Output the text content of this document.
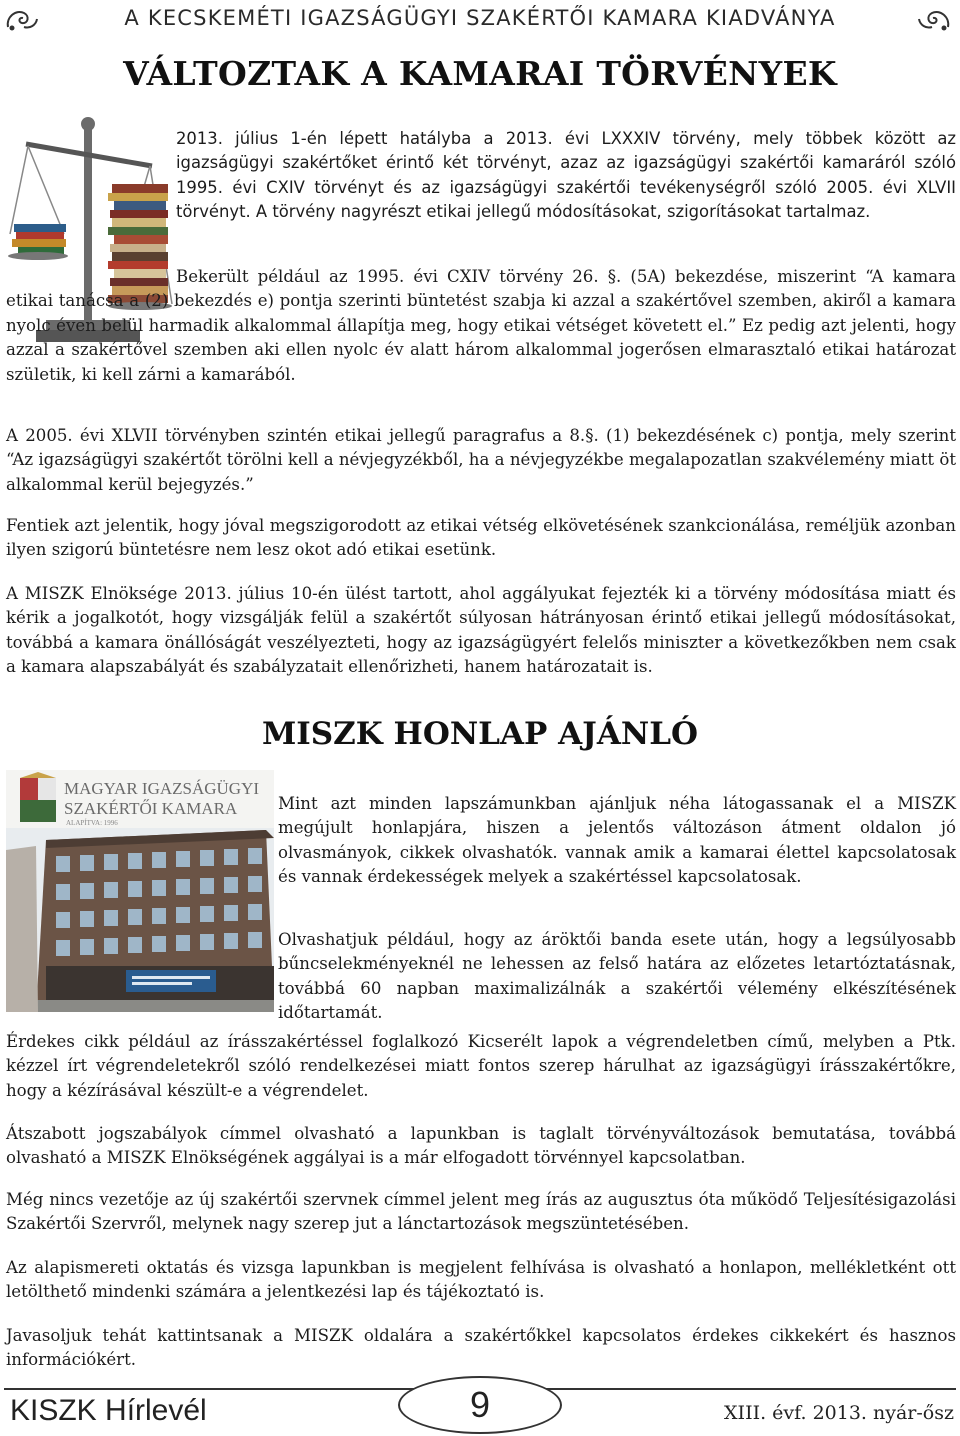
A KECSKEMÉTI IGAZSÁGÜGYI SZAKÉRTŐI KAMARA KIADVÁNYA
VÁLTOZTAK A KAMARAI TÖRVÉNYEK

2013. július 1-én lépett hatályba a 2013. évi LXXXIV törvény, mely többek között az igazságügyi szakértőket érintő két törvényt, azaz az igazságügyi szakértői kamaráról szóló 1995. évi CXIV törvényt és az igazságügyi szakértői tevékenységről szóló 2005. évi XLVII törvényt. A törvény nagyrészt etikai jellegű módosításokat, szigorításokat tartalmaz.

Bekerült például az 1995. évi CXIV törvény 26. §. (5A) bekezdése, miszerint “A kamara etikai tanácsa a (2) bekezdés e) pontja szerinti büntetést szabja ki azzal a szakértővel szemben, akiről a kamara nyolc éven belül harmadik alkalommal állapítja meg, hogy etikai vétséget követett el.” Ez pedig azt jelenti, hogy azzal a szakértővel szemben aki ellen nyolc év alatt három alkalommal jogerősen elmarasztaló etikai határozat születik, ki kell zárni a kamarából.

A 2005. évi XLVII törvényben szintén etikai jellegű paragrafus a 8.§. (1) bekezdésének c) pontja, mely szerint “Az igazságügyi szakértőt törölni kell a névjegyzékből, ha a névjegyzékbe megalapozatlan szakvélemény miatt öt alkalommal kerül bejegyzés.”

Fentiek azt jelentik, hogy jóval megszigorodott az etikai vétség elkövetésének szankcionálása, reméljük azonban ilyen szigorú büntetésre nem lesz okot adó etikai esetünk.

A MISZK Elnöksége 2013. július 10-én ülést tartott, ahol aggályukat fejezték ki a törvény módosítása miatt és kérik a jogalkotót, hogy vizsgálják felül a szakértőt súlyosan hátrányosan érintő etikai jellegű módosításokat, továbbá a kamara önállóságát veszélyezteti, hogy az igazságügyért felelős miniszter a következőkben nem csak a kamara alapszabályát és szabályzatait ellenőrizheti, hanem határozatait is.

MISZK HONLAP AJÁNLÓ
MAGYAR IGAZSÁGÜGYI
SZAKÉRTŐI KAMARA
ALAPÍTVA: 1996

Mint azt minden lapszámunkban ajánljuk néha látogassanak el a MISZK megújult honlapjára, hiszen a jelentős változáson átment oldalon jó olvasmányok, cikkek olvashatók. vannak amik a kamarai élettel kapcsolatosak és vannak érdekességek melyek a szakértéssel kapcsolatosak.

Olvashatjuk például, hogy az áröktői banda esete után, hogy a legsúlyosabb bűncselekményeknél ne lehessen az felső határa az előzetes letartóztatásnak, továbbá 60 napban maximalizálnák a szakértői vélemény elkészítésének időtartamát.

Érdekes cikk például az írásszakértéssel foglalkozó Kicserélt lapok a végrendeletben című, melyben a Ptk. kézzel írt végrendeletekről szóló rendelkezései miatt fontos szerep hárulhat az igazságügyi írásszakértőkre, hogy a kézírásával készült-e a végrendelet.

Átszabott jogszabályok címmel olvasható a lapunkban is taglalt törvényváltozások bemutatása, továbbá olvasható a MISZK Elnökségének aggályai is a már elfogadott törvénnyel kapcsolatban.

Még nincs vezetője az új szakértői szervnek címmel jelent meg írás az augusztus óta működő Teljesítésigazolási Szakértői Szervről, melynek nagy szerep jut a lánctartozások megszüntetésében.

Az alapismereti oktatás és vizsga lapunkban is megjelent felhívása is olvasható a honlapon, mellékletként ott letölthető mindenki számára a jelentkezési lap és tájékoztató is.

Javasoljuk tehát kattintsanak a MISZK oldalára a szakértőkkel kapcsolatos érdekes cikkekért és hasznos információkért.

KISZK Hírlevél	9	XIII. évf. 2013. nyár-ősz
